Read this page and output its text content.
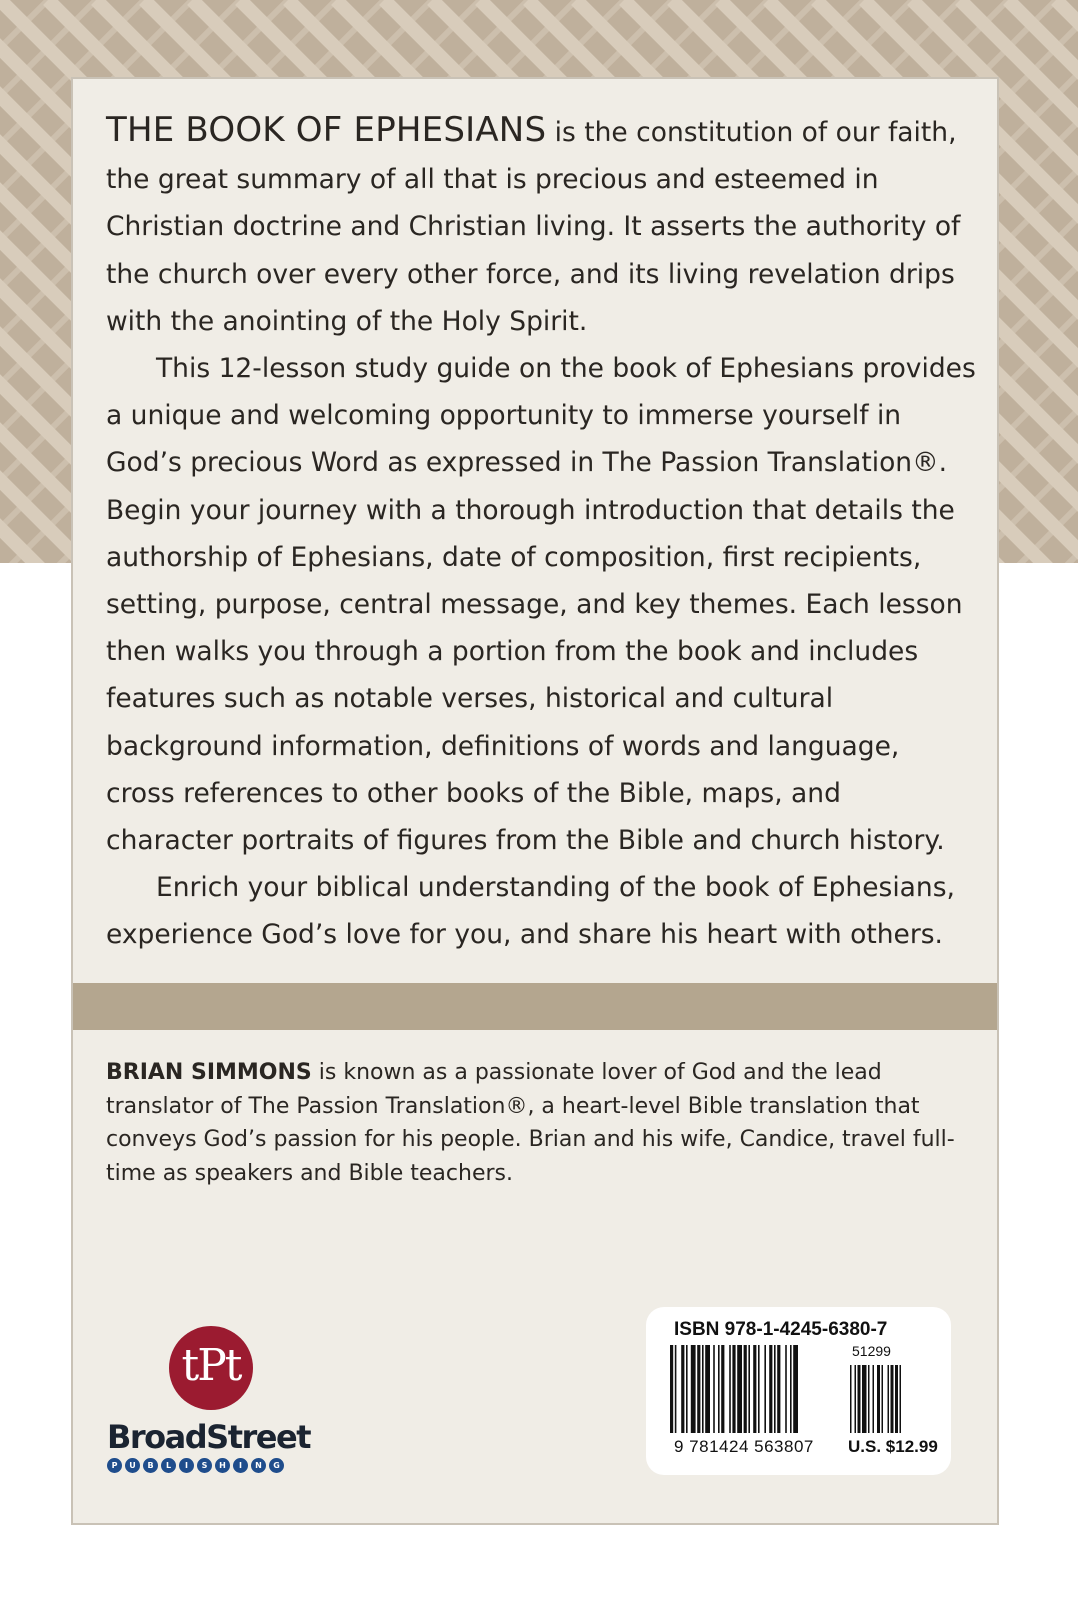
THE BOOK OF EPHESIANS is the constitution of our faith, the great summary of all that is precious and esteemed in Christian doctrine and Christian living. It asserts the authority of the church over every other force, and its living revelation drips with the anointing of the Holy Spirit.

This 12-lesson study guide on the book of Ephesians provides a unique and welcoming opportunity to immerse yourself in God’s precious Word as expressed in The Passion Translation®. Begin your journey with a thorough introduction that details the authorship of Ephesians, date of composition, first recipients, setting, purpose, central message, and key themes. Each lesson then walks you through a portion from the book and includes features such as notable verses, historical and cultural background information, definitions of words and language, cross references to other books of the Bible, maps, and character portraits of figures from the Bible and church history.

Enrich your biblical understanding of the book of Ephesians, experience God’s love for you, and share his heart with others.

BRIAN SIMMONS is known as a passionate lover of God and the lead translator of The Passion Translation®, a heart-level Bible translation that conveys God’s passion for his people. Brian and his wife, Candice, travel full-time as speakers and Bible teachers.
tPt
BroadStreet
P	U	B	L	I	S	H	I	N	G
ISBN 978-1-4245-6380-7
51299
9 781424 563807 U.S. $12.99
